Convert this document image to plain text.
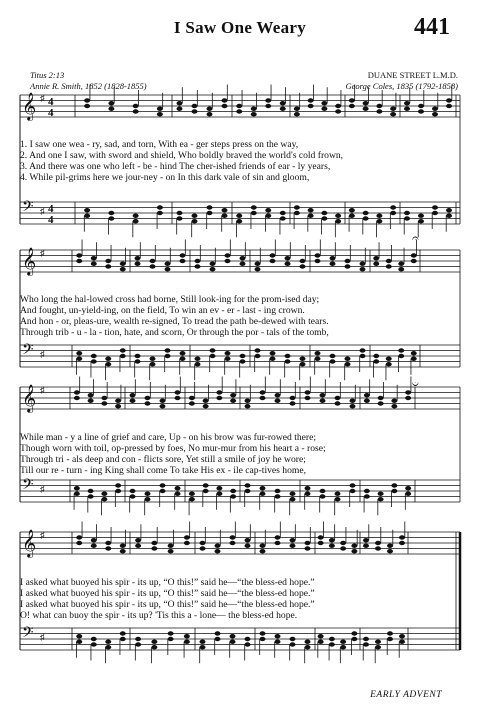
I Saw One Weary	441
Titus 2:13
Annie R. Smith, 1852 (1828-1855)
DUANE STREET L.M.D.
George Coles, 1835 (1792-1858)
𝄞 ♯ 4
4
𝄢 ♯ 4
4
𝄞 ♯
𝄢 ♯
𝄞 ♯
𝄢 ♯
𝄞 ♯
𝄢 ♯
𝄐
𝄑
1. I saw one wea - ry, sad, and torn, With ea - ger steps press on the way,
2. And one I saw, with sword and shield, Who boldly braved the world's cold frown,
3. And there was one who left - be - hind The cher-ished friends of ear - ly years,
4. While pil-grims here we jour-ney - on In this dark vale of sin and gloom,
Who long the hal-lowed cross had borne, Still look-ing for the prom-ised day;
And fought, un-yield-ing, on the field, To win an ev - er - last - ing crown.
And hon - or, pleas-ure, wealth re-signed, To tread the path be-dewed with tears.
Through trib - u - la - tion, hate, and scorn, Or through the por - tals of the tomb,
While man - y a line of grief and care, Up - on his brow was fur-rowed there;
Though worn with toil, op-pressed by foes, No mur-mur from his heart a - rose;
Through tri - als deep and con - flicts sore, Yet still a smile of joy he wore;
Till our re - turn - ing King shall come To take His ex - ile cap-tives home,
I asked what buoyed his spir - its up, “O this!” said he—“the bless-ed hope.”
I asked what buoyed his spir - its up, “O this!” said he—“the bless-ed hope.”
I asked what buoyed his spir - its up, “O this!” said he—“the bless-ed hope.”
O! what can buoy the spir - its up? 'Tis this a - lone— the bless-ed hope.
EARLY ADVENT
